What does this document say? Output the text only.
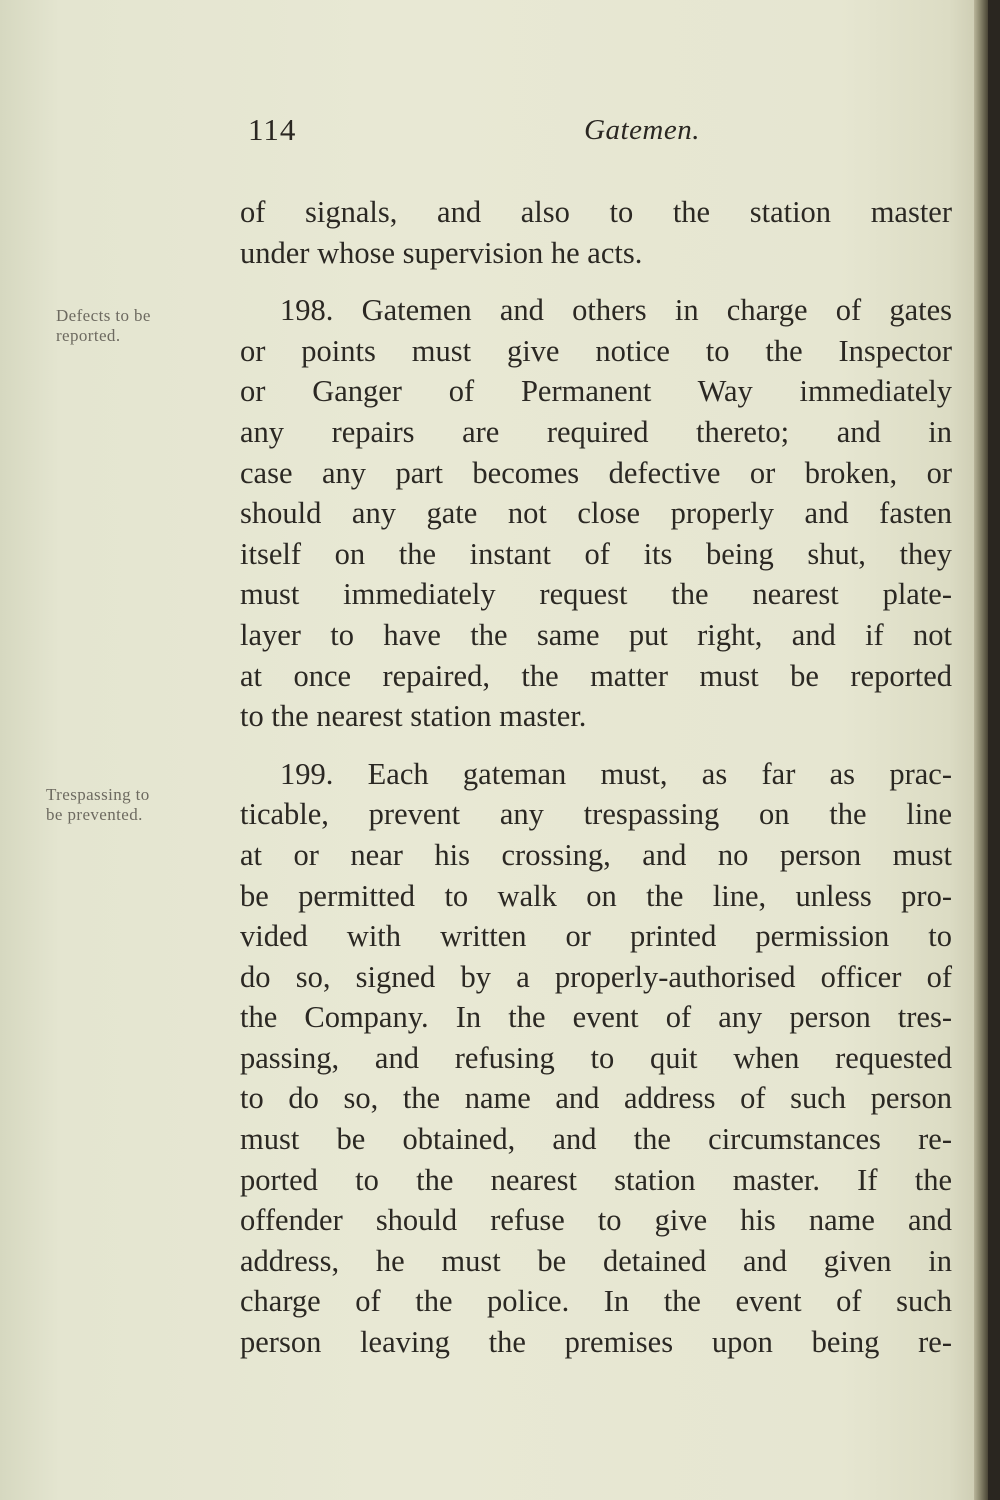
114	Gatemen.
Defects to be
reported.
Trespassing to
be prevented.
of signals, and also to the station master
under whose supervision he acts.
198. Gatemen and others in charge of gates
or points must give notice to the Inspector
or Ganger of Permanent Way immediately
any repairs are required thereto; and in
case any part becomes defective or broken, or
should any gate not close properly and fasten
itself on the instant of its being shut, they
must immediately request the nearest plate-
layer to have the same put right, and if not
at once repaired, the matter must be reported
to the nearest station master.
199. Each gateman must, as far as prac-
ticable, prevent any trespassing on the line
at or near his crossing, and no person must
be permitted to walk on the line, unless pro-
vided with written or printed permission to
do so, signed by a properly-authorised officer of
the Company. In the event of any person tres-
passing, and refusing to quit when requested
to do so, the name and address of such person
must be obtained, and the circumstances re-
ported to the nearest station master. If the
offender should refuse to give his name and
address, he must be detained and given in
charge of the police. In the event of such
person leaving the premises upon being re-
